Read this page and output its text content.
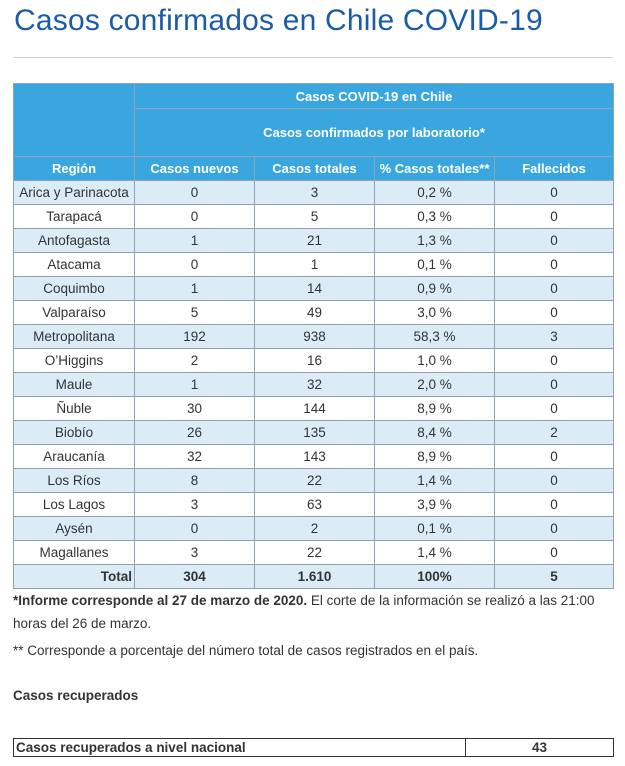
Casos confirmados en Chile COVID-19
	Casos COVID-19 en Chile			
	Casos confirmados por laboratorio*			
Región	Casos nuevos	Casos totales	% Casos totales**	Fallecidos
Arica y Parinacota	0	3	0,2 %	0
Tarapacá	0	5	0,3 %	0
Antofagasta	1	21	1,3 %	0
Atacama	0	1	0,1 %	0
Coquimbo	1	14	0,9 %	0
Valparaíso	5	49	3,0 %	0
Metropolitana	192	938	58,3 %	3
O’Higgins	2	16	1,0 %	0
Maule	1	32	2,0 %	0
Ñuble	30	144	8,9 %	0
Biobío	26	135	8,4 %	2
Araucanía	32	143	8,9 %	0
Los Ríos	8	22	1,4 %	0
Los Lagos	3	63	3,9 %	0
Aysén	0	2	0,1 %	0
Magallanes	3	22	1,4 %	0
Total	304	1.610	100%	5

*Informe corresponde al 27 de marzo de 2020. El corte de la información se realizó a las 21:00 horas del 26 de marzo.

** Corresponde a porcentaje del número total de casos registrados en el país.

Casos recuperados

Casos recuperados a nivel nacional	43
